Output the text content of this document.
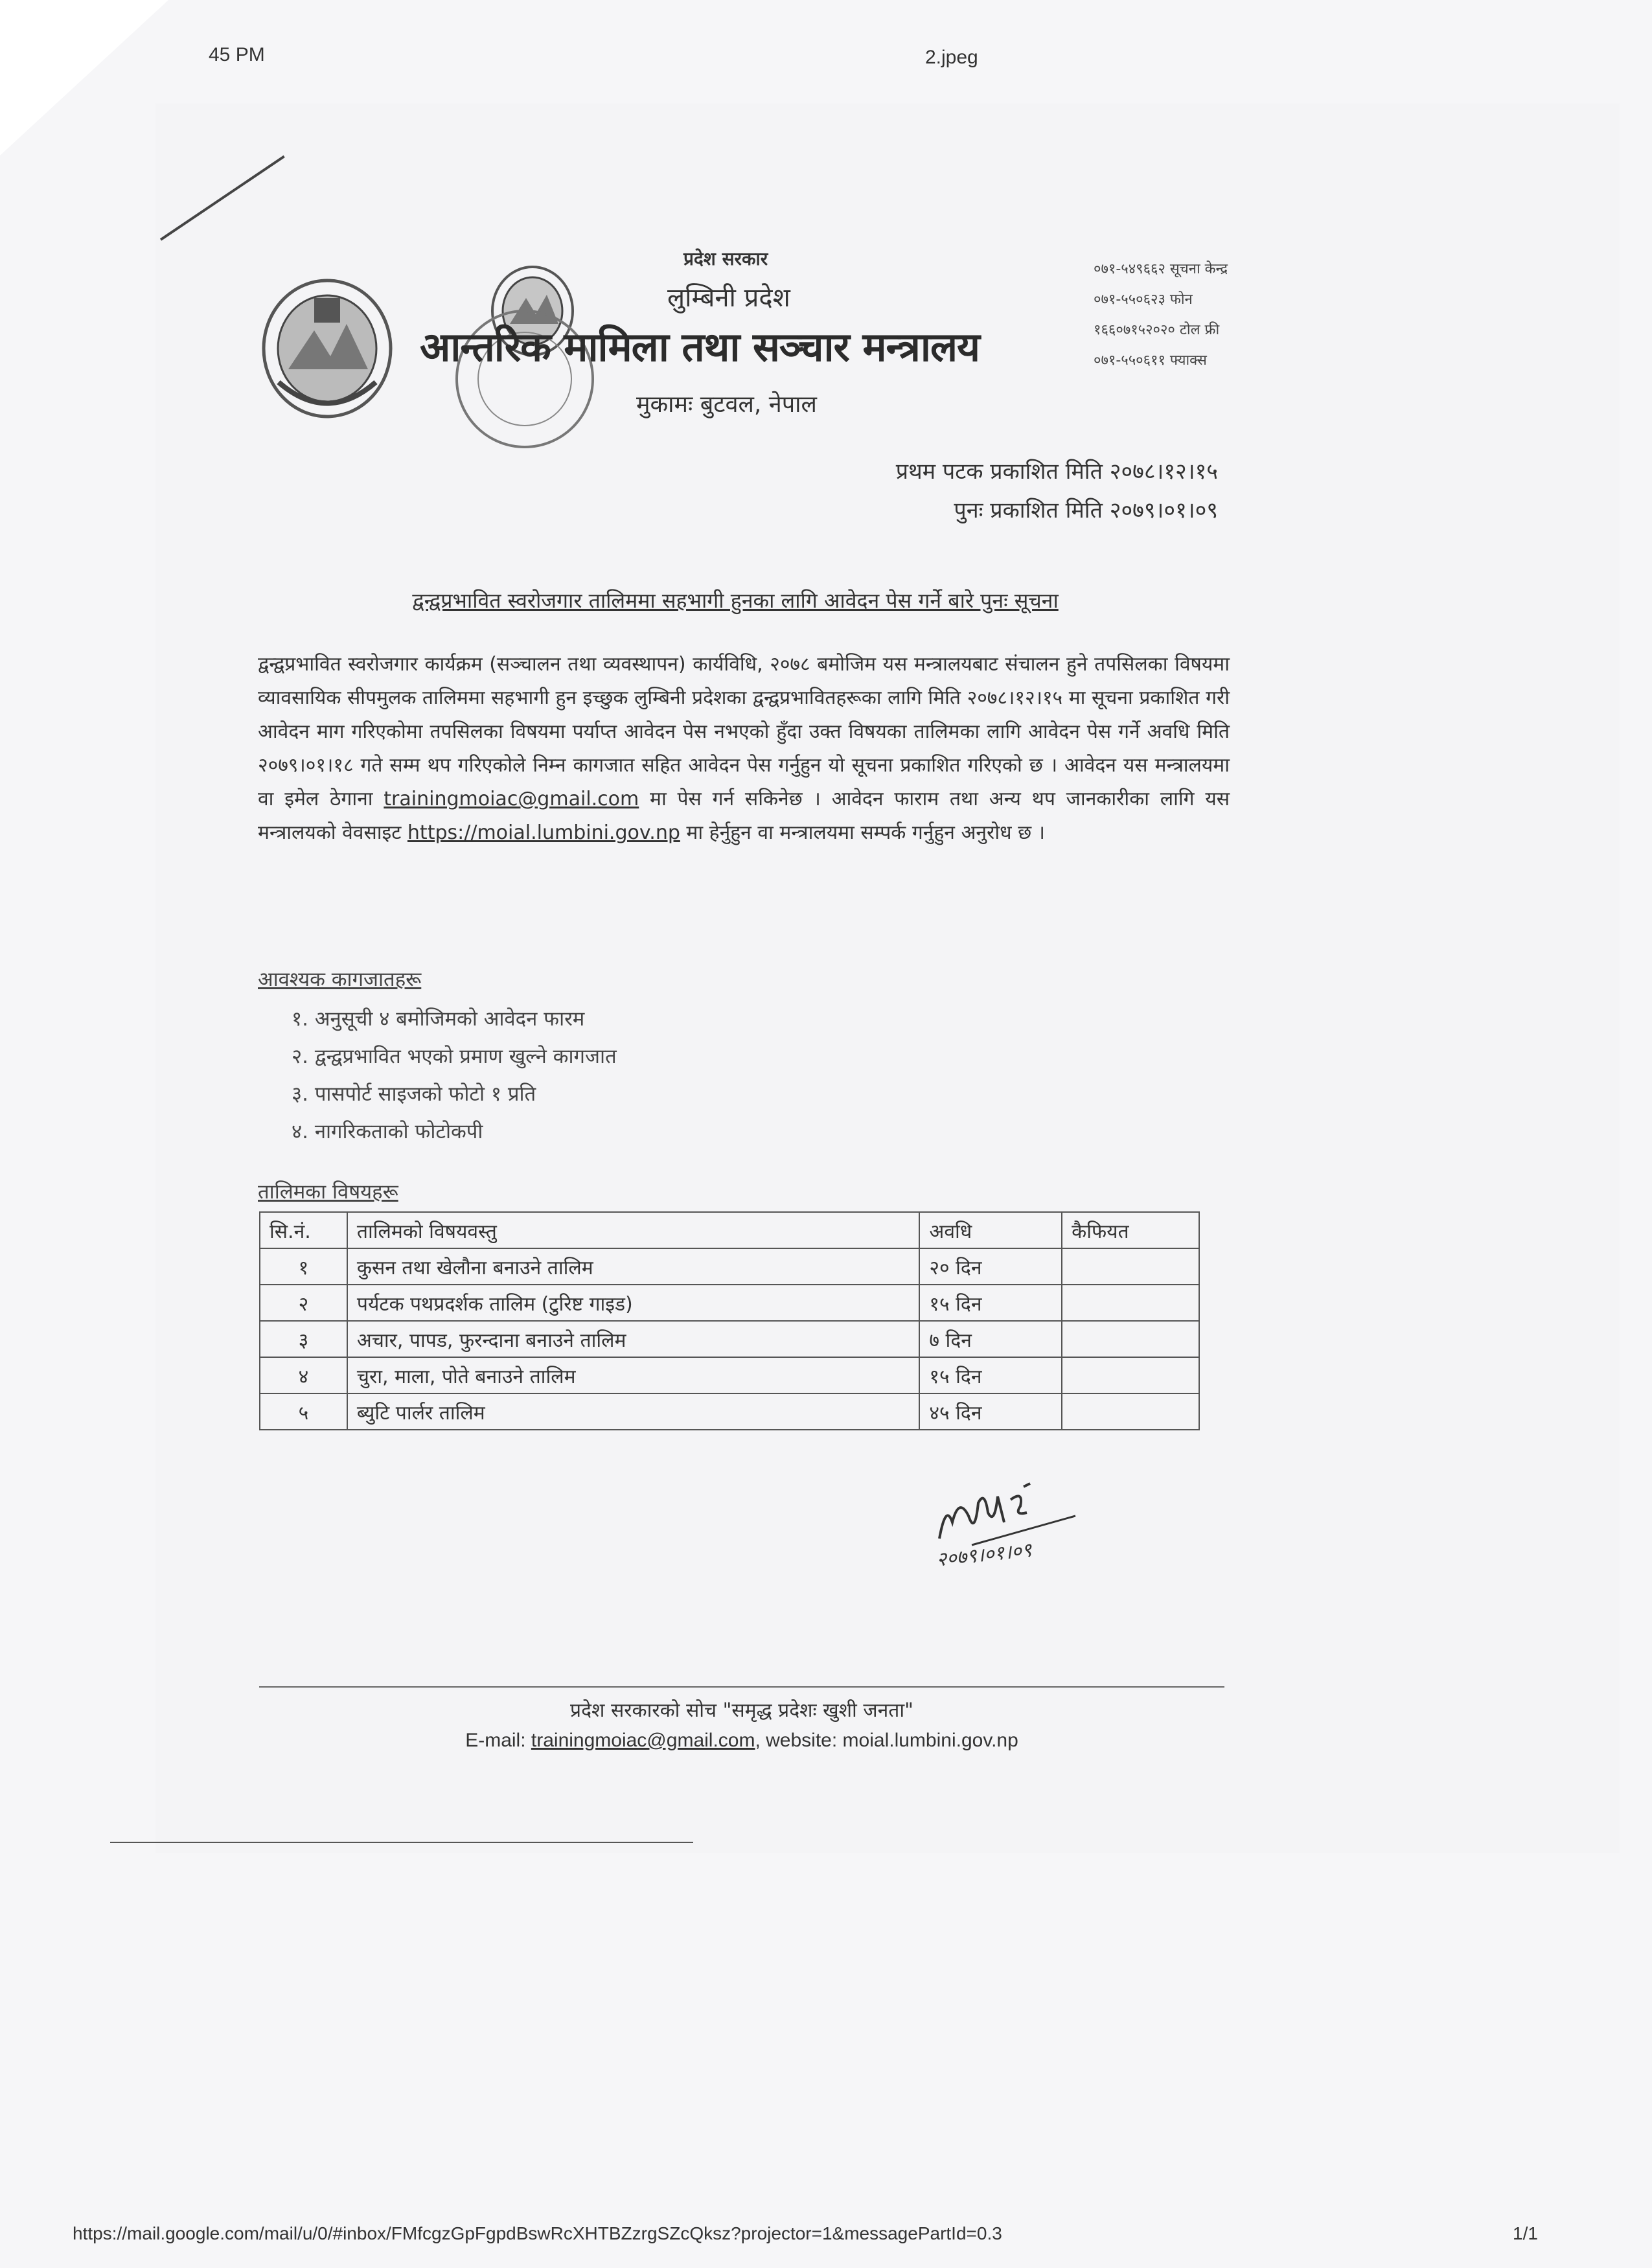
45 PM	2.jpeg
प्रदेश सरकार
लुम्बिनी प्रदेश
आन्तरिक मामिला तथा सञ्चार मन्त्रालय
मुकामः बुटवल, नेपाल
०७१-५४९६६२ सूचना केन्द्र
०७१-५५०६२३ फोन
१६६०७१५२०२० टोल फ्री
०७१-५५०६११ फ्याक्स
प्रथम पटक प्रकाशित मिति २०७८।१२।१५
पुनः प्रकाशित मिति २०७९।०१।०९
द्वन्द्वप्रभावित स्वरोजगार तालिममा सहभागी हुनका लागि आवेदन पेस गर्ने बारे पुनः सूचना
द्वन्द्वप्रभावित स्वरोजगार कार्यक्रम (सञ्चालन तथा व्यवस्थापन) कार्यविधि, २०७८ बमोजिम यस मन्त्रालयबाट संचालन हुने तपसिलका विषयमा व्यावसायिक सीपमुलक तालिममा सहभागी हुन इच्छुक लुम्बिनी प्रदेशका द्वन्द्वप्रभावितहरूका लागि मिति २०७८।१२।१५ मा सूचना प्रकाशित गरी आवेदन माग गरिएकोमा तपसिलका विषयमा पर्याप्त आवेदन पेस नभएको हुँदा उक्त विषयका तालिमका लागि आवेदन पेस गर्ने अवधि मिति २०७९।०१।१८ गते सम्म थप गरिएकोले निम्न कागजात सहित आवेदन पेस गर्नुहुन यो सूचना प्रकाशित गरिएको छ । आवेदन यस मन्त्रालयमा वा इमेल ठेगाना trainingmoiac@gmail.com मा पेस गर्न सकिनेछ । आवेदन फाराम तथा अन्य थप जानकारीका लागि यस मन्त्रालयको वेवसाइट https://moial.lumbini.gov.np मा हेर्नुहुन वा मन्त्रालयमा सम्पर्क गर्नुहुन अनुरोध छ ।
आवश्यक कागजातहरू
१. अनुसूची ४ बमोजिमको आवेदन फारम
२. द्वन्द्वप्रभावित भएको प्रमाण खुल्ने कागजात
३. पासपोर्ट साइजको फोटो १ प्रति
४. नागरिकताको फोटोकपी
तालिमका विषयहरू
सि.नं.	तालिमको विषयवस्तु	अवधि	कैफियत
१	कुसन तथा खेलौना बनाउने तालिम	२० दिन	
२	पर्यटक पथप्रदर्शक तालिम (टुरिष्ट गाइड)	१५ दिन	
३	अचार, पापड, फुरन्दाना बनाउने तालिम	७ दिन	
४	चुरा, माला, पोते बनाउने तालिम	१५ दिन	
५	ब्युटि पार्लर तालिम	४५ दिन	
२०७९।०१।०९
प्रदेश सरकारको सोच "समृद्ध प्रदेशः खुशी जनता"
E-mail: trainingmoiac@gmail.com, website: moial.lumbini.gov.np
https://mail.google.com/mail/u/0/#inbox/FMfcgzGpFgpdBswRcXHTBZzrgSZcQksz?projector=1&messagePartId=0.3	1/1
